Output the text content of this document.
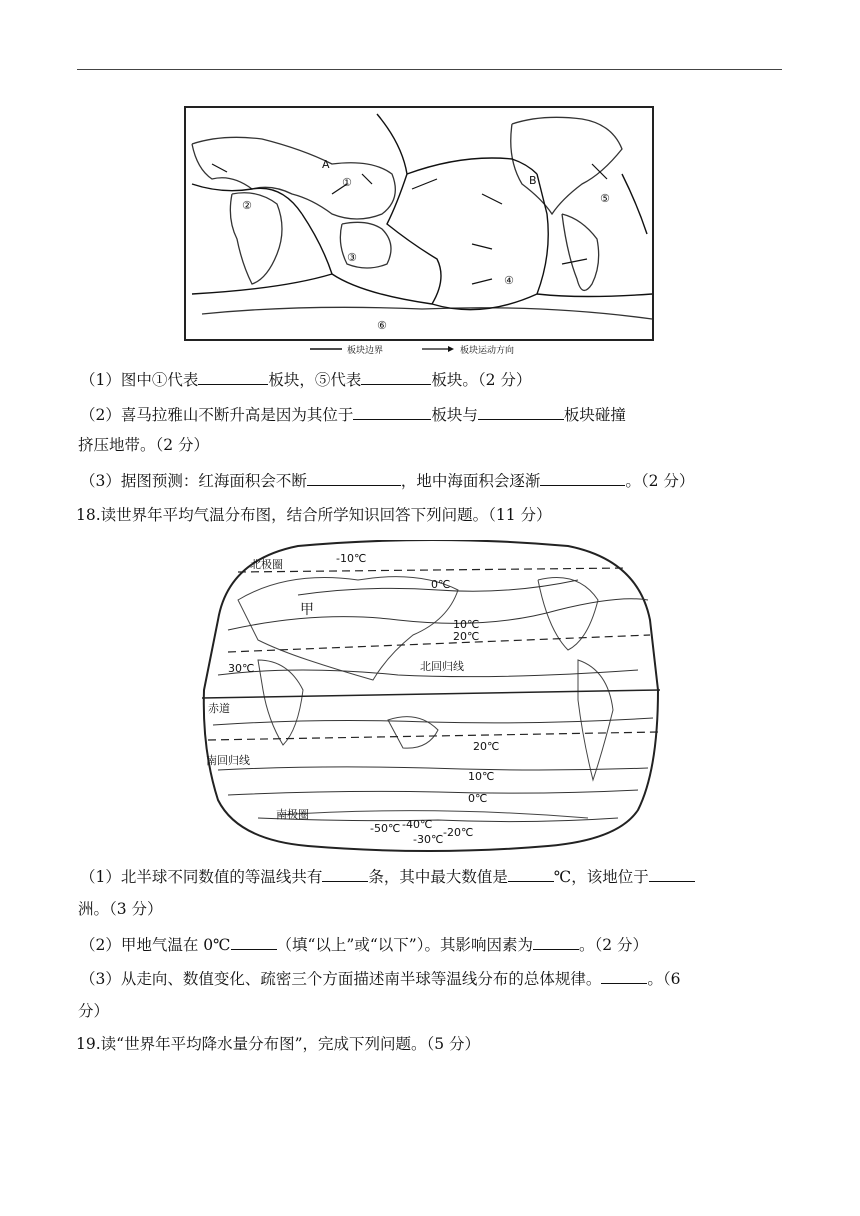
A
B
①
②
③
④
⑤
⑥
板块边界	板块运动方向
（1）图中①代表	板块，⑤代表	板块。（2 分）
（2）喜马拉雅山不断升高是因为其位于	板块与	板块碰撞
挤压地带。（2 分）
（3）据图预测：红海面积会不断	，地中海面积会逐渐	。（2 分）
18.读世界年平均气温分布图，结合所学知识回答下列问题。（11 分）
北极圈	-10℃
0℃
10℃
20℃
30℃
甲
北回归线
赤道
南回归线
20℃
10℃
0℃
南极圈
-50℃ -40℃
-20℃
-30℃
（1）北半球不同数值的等温线共有	条，其中最大数值是	℃，该地位于
洲。（3 分）
（2）甲地气温在 0℃	（填“以上”或“以下”）。其影响因素为	。（2 分）
（3）从走向、数值变化、疏密三个方面描述南半球等温线分布的总体规律。	。（6
分）
19.读“世界年平均降水量分布图”，完成下列问题。（5 分）
